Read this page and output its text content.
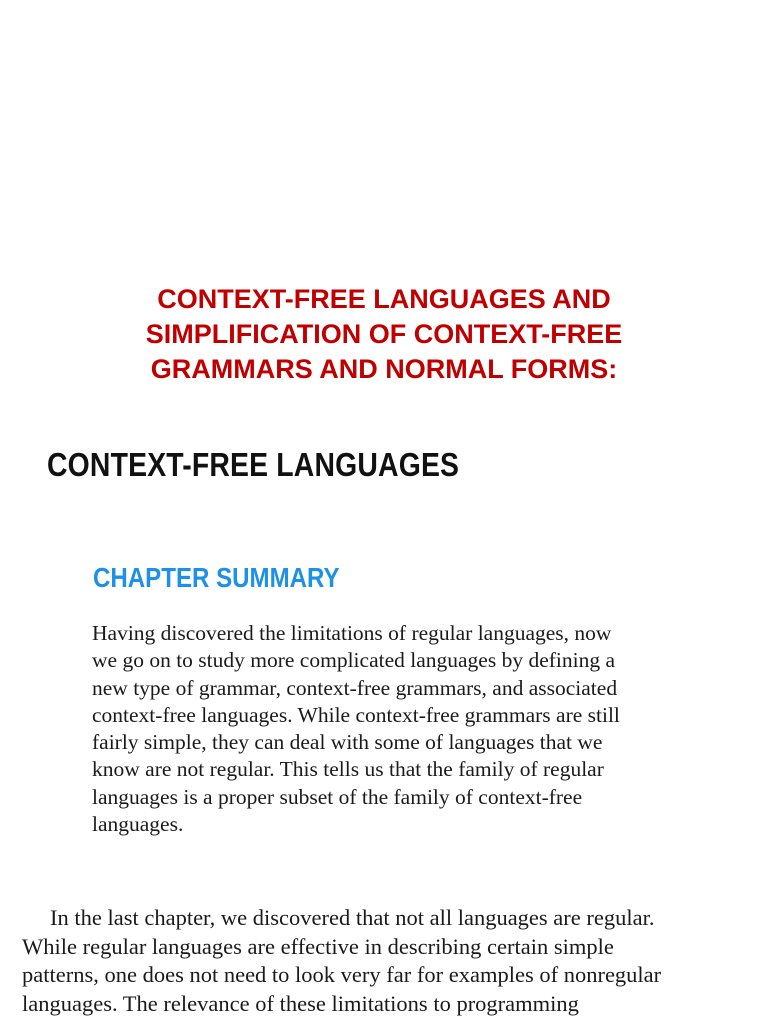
CONTEXT-FREE LANGUAGES AND
SIMPLIFICATION OF CONTEXT-FREE
GRAMMARS AND NORMAL FORMS:
CONTEXT-FREE LANGUAGES
CHAPTER SUMMARY
Having discovered the limitations of regular languages, now
we go on to study more complicated languages by defining a
new type of grammar, context-free grammars, and associated
context-free languages. While context-free grammars are still
fairly simple, they can deal with some of languages that we
know are not regular. This tells us that the family of regular
languages is a proper subset of the family of context-free
languages.
In the last chapter, we discovered that not all languages are regular.
While regular languages are effective in describing certain simple
patterns, one does not need to look very far for examples of nonregular
languages. The relevance of these limitations to programming
